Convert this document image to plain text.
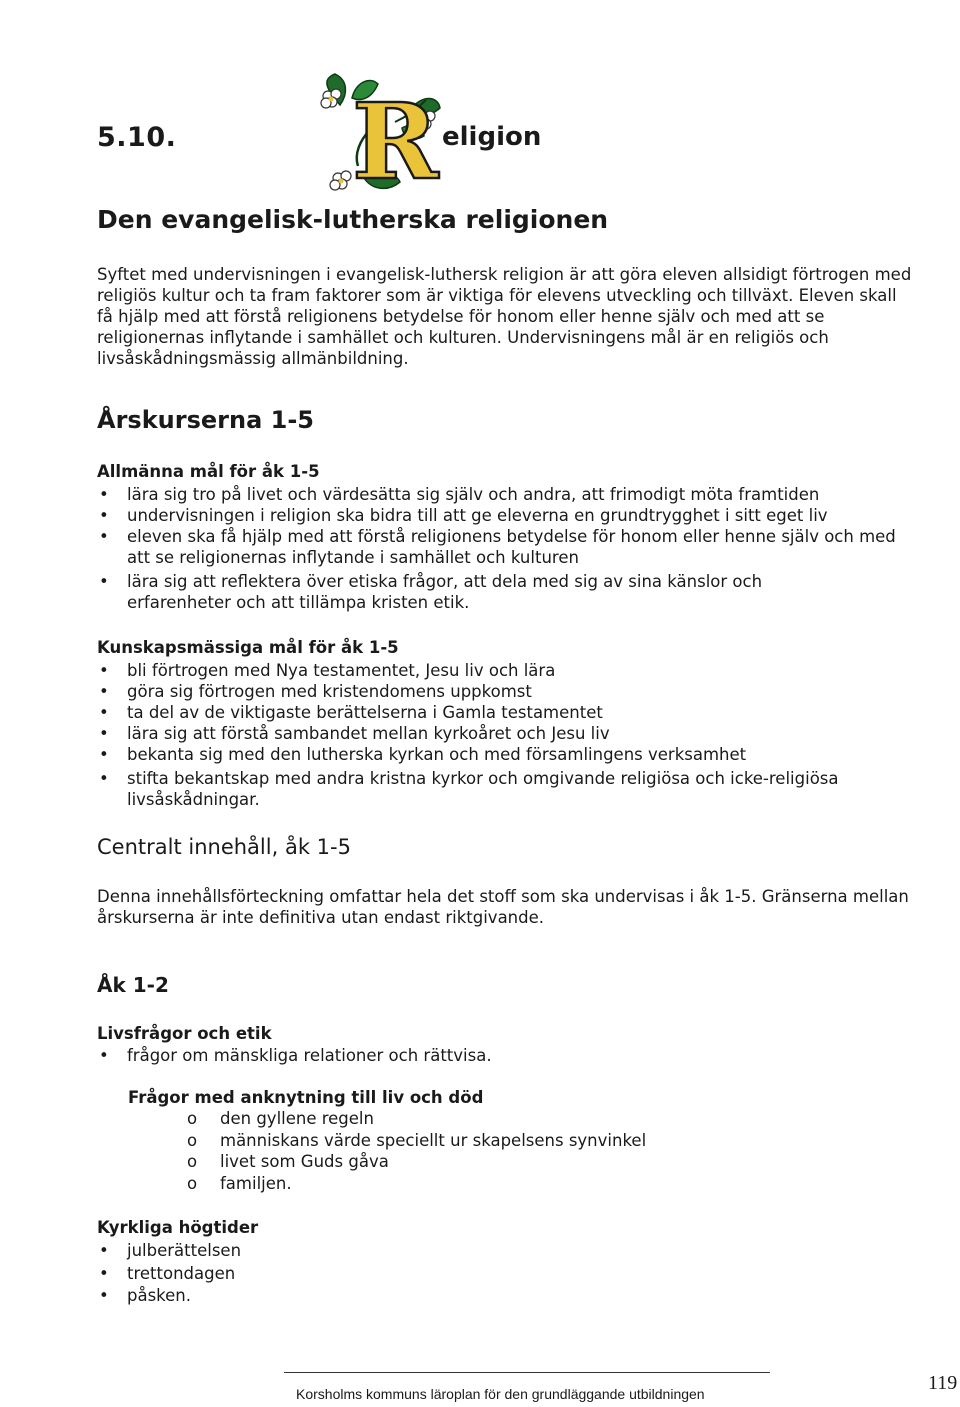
5.10. R eligion
Den evangelisk-lutherska religionen
Syftet med undervisningen i evangelisk-luthersk religion är att göra eleven allsidigt förtrogen med
religiös kultur och ta fram faktorer som är viktiga för elevens utveckling och tillväxt. Eleven skall
få hjälp med att förstå religionens betydelse för honom eller henne själv och med att se
religionernas inflytande i samhället och kulturen. Undervisningens mål är en religiös och
livsåskådningsmässig allmänbildning.
Årskurserna 1-5
Allmänna mål för åk 1-5
• lära sig tro på livet och värdesätta sig själv och andra, att frimodigt möta framtiden
• undervisningen i religion ska bidra till att ge eleverna en grundtrygghet i sitt eget liv
• eleven ska få hjälp med att förstå religionens betydelse för honom eller henne själv och med
att se religionernas inflytande i samhället och kulturen
• lära sig att reflektera över etiska frågor, att dela med sig av sina känslor och
erfarenheter och att tillämpa kristen etik.
Kunskapsmässiga mål för åk 1-5
• bli förtrogen med Nya testamentet, Jesu liv och lära
• göra sig förtrogen med kristendomens uppkomst
• ta del av de viktigaste berättelserna i Gamla testamentet
• lära sig att förstå sambandet mellan kyrkoåret och Jesu liv
• bekanta sig med den lutherska kyrkan och med församlingens verksamhet
• stifta bekantskap med andra kristna kyrkor och omgivande religiösa och icke-religiösa
livsåskådningar.
Centralt innehåll, åk 1-5
Denna innehållsförteckning omfattar hela det stoff som ska undervisas i åk 1-5. Gränserna mellan
årskurserna är inte definitiva utan endast riktgivande.
Åk 1-2
Livsfrågor och etik
• frågor om mänskliga relationer och rättvisa.
Frågor med anknytning till liv och död
o den gyllene regeln
o människans värde speciellt ur skapelsens synvinkel
o livet som Guds gåva
o familjen.
Kyrkliga högtider
• julberättelsen
• trettondagen
• påsken.
Korsholms kommuns läroplan för den grundläggande utbildningen	119
